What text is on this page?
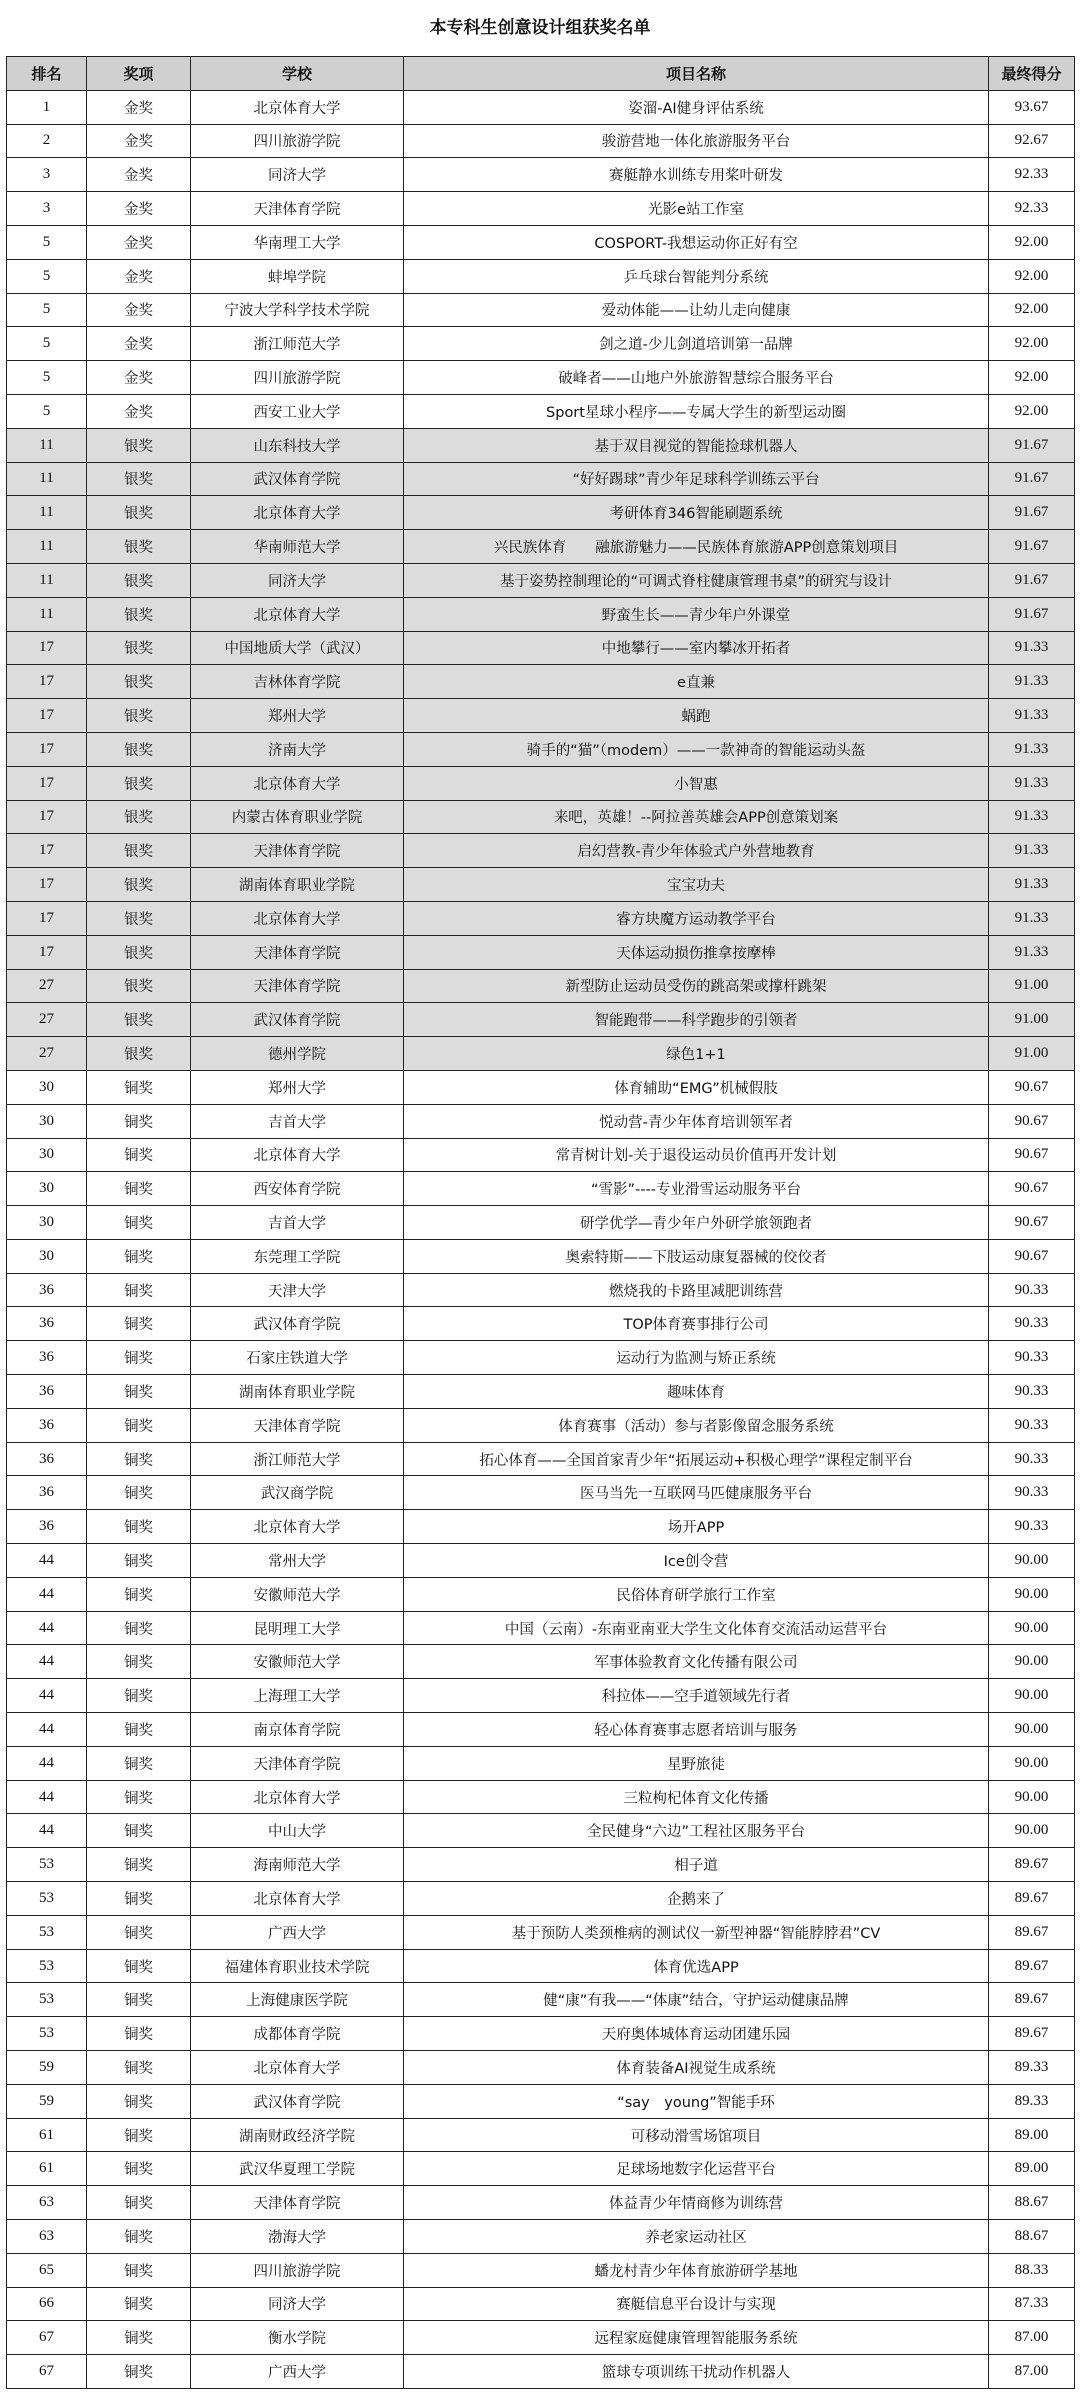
本专科生创意设计组获奖名单
排名	奖项	学校	项目名称	最终得分
1	金奖	北京体育大学	姿溜-AI健身评估系统	93.67
2	金奖	四川旅游学院	骏游营地一体化旅游服务平台	92.67
3	金奖	同济大学	赛艇静水训练专用桨叶研发	92.33
3	金奖	天津体育学院	光影e站工作室	92.33
5	金奖	华南理工大学	COSPORT-我想运动你正好有空	92.00
5	金奖	蚌埠学院	乒乓球台智能判分系统	92.00
5	金奖	宁波大学科学技术学院	爱动体能——让幼儿走向健康	92.00
5	金奖	浙江师范大学	剑之道-少儿剑道培训第一品牌	92.00
5	金奖	四川旅游学院	破峰者——山地户外旅游智慧综合服务平台	92.00
5	金奖	西安工业大学	Sport星球小程序——专属大学生的新型运动圈	92.00
11	银奖	山东科技大学	基于双目视觉的智能捡球机器人	91.67
11	银奖	武汉体育学院	“好好踢球”青少年足球科学训练云平台	91.67
11	银奖	北京体育大学	考研体育346智能刷题系统	91.67
11	银奖	华南师范大学	兴民族体育　　融旅游魅力——民族体育旅游APP创意策划项目	91.67
11	银奖	同济大学	基于姿势控制理论的“可调式脊柱健康管理书桌”的研究与设计	91.67
11	银奖	北京体育大学	野蛮生长——青少年户外课堂	91.67
17	银奖	中国地质大学（武汉）	中地攀行——室内攀冰开拓者	91.33
17	银奖	吉林体育学院	e直兼	91.33
17	银奖	郑州大学	蜗跑	91.33
17	银奖	济南大学	骑手的“猫”（modem）——一款神奇的智能运动头盔	91.33
17	银奖	北京体育大学	小智惠	91.33
17	银奖	内蒙古体育职业学院	来吧，英雄！--阿拉善英雄会APP创意策划案	91.33
17	银奖	天津体育学院	启幻营教-青少年体验式户外营地教育	91.33
17	银奖	湖南体育职业学院	宝宝功夫	91.33
17	银奖	北京体育大学	睿方块魔方运动教学平台	91.33
17	银奖	天津体育学院	天体运动损伤推拿按摩棒	91.33
27	银奖	天津体育学院	新型防止运动员受伤的跳高架或撑杆跳架	91.00
27	银奖	武汉体育学院	智能跑带——科学跑步的引领者	91.00
27	银奖	德州学院	绿色1+1	91.00
30	铜奖	郑州大学	体育辅助“EMG”机械假肢	90.67
30	铜奖	吉首大学	悦动营-青少年体育培训领军者	90.67
30	铜奖	北京体育大学	常青树计划-关于退役运动员价值再开发计划	90.67
30	铜奖	西安体育学院	“雪影”----专业滑雪运动服务平台	90.67
30	铜奖	吉首大学	研学优学—青少年户外研学旅领跑者	90.67
30	铜奖	东莞理工学院	奥索特斯——下肢运动康复器械的佼佼者	90.67
36	铜奖	天津大学	燃烧我的卡路里减肥训练营	90.33
36	铜奖	武汉体育学院	TOP体育赛事排行公司	90.33
36	铜奖	石家庄铁道大学	运动行为监测与矫正系统	90.33
36	铜奖	湖南体育职业学院	趣味体育	90.33
36	铜奖	天津体育学院	体育赛事（活动）参与者影像留念服务系统	90.33
36	铜奖	浙江师范大学	拓心体育——全国首家青少年“拓展运动+积极心理学”课程定制平台	90.33
36	铜奖	武汉商学院	医马当先一互联网马匹健康服务平台	90.33
36	铜奖	北京体育大学	场开APP	90.33
44	铜奖	常州大学	Ice创令营	90.00
44	铜奖	安徽师范大学	民俗体育研学旅行工作室	90.00
44	铜奖	昆明理工大学	中国（云南）-东南亚南亚大学生文化体育交流活动运营平台	90.00
44	铜奖	安徽师范大学	军事体验教育文化传播有限公司	90.00
44	铜奖	上海理工大学	科拉体——空手道领域先行者	90.00
44	铜奖	南京体育学院	轻心体育赛事志愿者培训与服务	90.00
44	铜奖	天津体育学院	星野旅徒	90.00
44	铜奖	北京体育大学	三粒枸杞体育文化传播	90.00
44	铜奖	中山大学	全民健身“六边”工程社区服务平台	90.00
53	铜奖	海南师范大学	相子道	89.67
53	铜奖	北京体育大学	企鹅来了	89.67
53	铜奖	广西大学	基于预防人类颈椎病的测试仪一新型神器“智能脖脖君”CV	89.67
53	铜奖	福建体育职业技术学院	体育优选APP	89.67
53	铜奖	上海健康医学院	健“康”有我——“体康”结合，守护运动健康品牌	89.67
53	铜奖	成都体育学院	天府奥体城体育运动团建乐园	89.67
59	铜奖	北京体育大学	体育装备AI视觉生成系统	89.33
59	铜奖	武汉体育学院	“say　young”智能手环	89.33
61	铜奖	湖南财政经济学院	可移动滑雪场馆项目	89.00
61	铜奖	武汉华夏理工学院	足球场地数字化运营平台	89.00
63	铜奖	天津体育学院	体益青少年情商修为训练营	88.67
63	铜奖	渤海大学	养老家运动社区	88.67
65	铜奖	四川旅游学院	蟠龙村青少年体育旅游研学基地	88.33
66	铜奖	同济大学	赛艇信息平台设计与实现	87.33
67	铜奖	衡水学院	远程家庭健康管理智能服务系统	87.00
67	铜奖	广西大学	篮球专项训练干扰动作机器人	87.00
